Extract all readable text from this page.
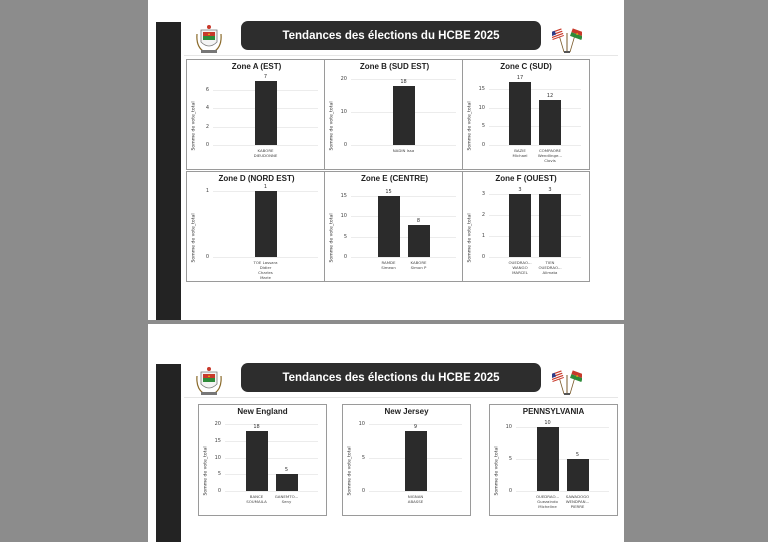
Tendances des élections du HCBE 2025
Zone A (EST)
Somme de vote_total	0
2
4
6
7
KABORE
DIEUDONNE
Zone B (SUD EST)
Somme de vote_total	0
10
20	18
NADIN Issa
Zone C (SUD)
Somme de vote_total	0
5
10
15
17
BAZIE
Michael
12
COMPAORE
Wendlinge...
Clovis
Zone D (NORD EST)
Somme de vote_total	0
1
1
TOE Lassara
Didier
Charles
Marie
Zone E (CENTRE)
Somme de vote_total	0
5
10
15
15
RAMDE
Simeon
8
KABORE
Simon P
Zone F (OUEST)
Somme de vote_total	0
1
2
3
3
OUEDRAO...
WANGO
MARCEL
3
TIEN
OUEDRAO...
Alimata
Tendances des élections du HCBE 2025
New England
Somme de vote_total	0
5
10
15
20	18
BANCE
SOUMAILA
5
GANEMTO...
Seny
New Jersey
Somme de vote_total	0
5
10	9
NIGNAN
ABASSE
PENNSYLVANIA
Somme de vote_total	0
5
10
10
OUEDRAO...
Guezaindo
Micheline
5
SAWADOGO
WENDPAN...
PIERRE
